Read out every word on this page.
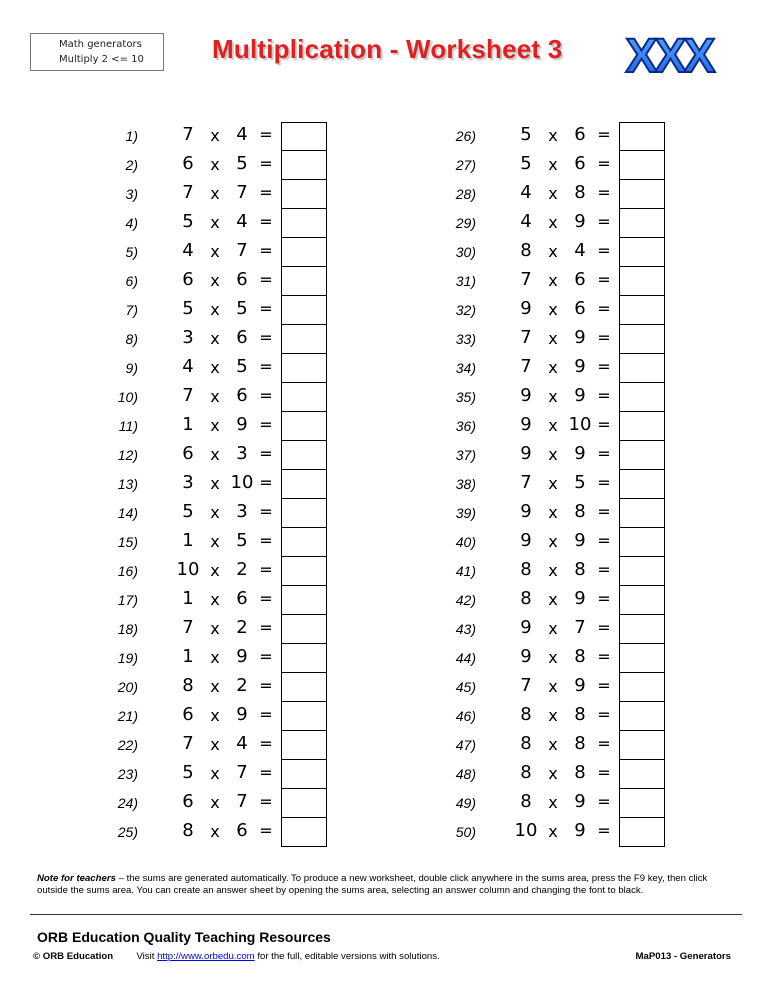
Math generators
Multiply 2 <= 10	Multiplication - Worksheet 3 XXX
1)	7	x 4 =
2)	6	x 5 =
3)	7	x 7 =
4)	5	x 4 =
5)	4	x 7 =
6)	6	x 6 =
7)	5	x 5 =
8)	3	x 6 =
9)	4	x 5 =
10)	7	x 6 =
11)	1	x 9 =
12)	6	x 3 =
13)	3	x 10 =
14)	5	x 3 =
15)	1	x 5 =
16) 10 x 2 =
17)	1	x 6 =
18)	7	x 2 =
19)	1	x 9 =
20)	8	x 2 =
21)	6	x 9 =
22)	7	x 4 =
23)	5	x 7 =
24)	6	x 7 =
25)	8	x 6 =
26)	5	x 6 =
27)	5	x 6 =
28)	4	x 8 =
29)	4	x 9 =
30)	8	x 4 =
31)	7	x 6 =
32)	9	x 6 =
33)	7	x 9 =
34)	7	x 9 =
35)	9	x 9 =
36)	9	x 10 =
37)	9	x 9 =
38)	7	x 5 =
39)	9	x 8 =
40)	9	x 9 =
41)	8	x 8 =
42)	8	x 9 =
43)	9	x 7 =
44)	9	x 8 =
45)	7	x 9 =
46)	8	x 8 =
47)	8	x 8 =
48)	8	x 8 =
49)	8	x 9 =
50) 10 x 9 =
Note for teachers – the sums are generated automatically. To produce a new worksheet, double click anywhere in the sums area, press the F9 key, then click outside the sums area. You can create an answer sheet by opening the sums area, selecting an answer column and changing the font to black.
ORB Education Quality Teaching Resources
© ORB Education Visit http://www.orbedu.com for the full, editable versions with solutions.	MaP013 - Generators
